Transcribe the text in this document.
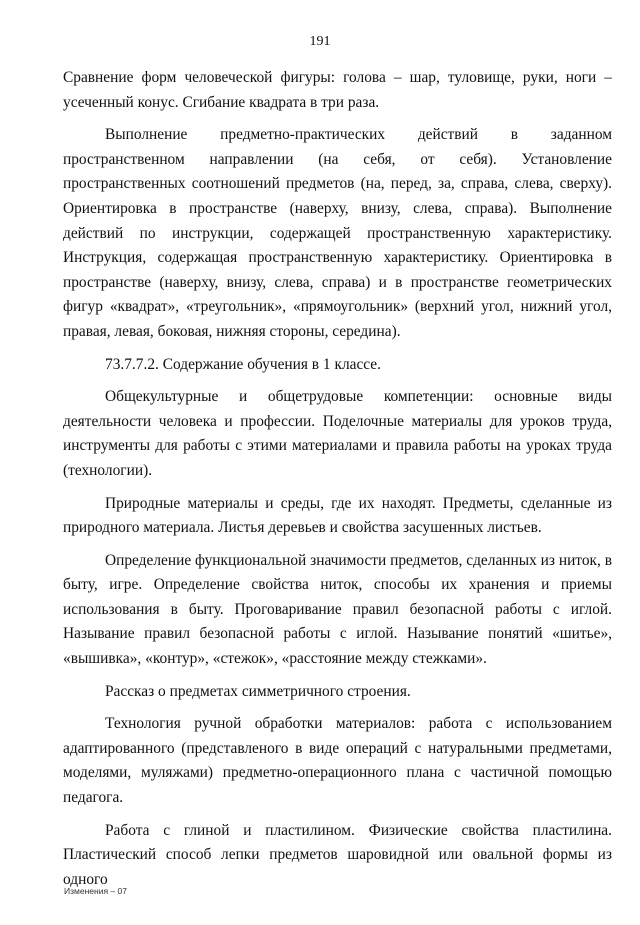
191

Сравнение форм человеческой фигуры: голова – шар, туловище, руки, ноги – усеченный конус. Сгибание квадрата в три раза.

Выполнение предметно-практических действий в заданном пространственном направлении (на себя, от себя). Установление пространственных соотношений предметов (на, перед, за, справа, слева, сверху). Ориентировка в пространстве (наверху, внизу, слева, справа). Выполнение действий по инструкции, содержащей пространственную характеристику. Инструкция, содержащая пространственную характеристику. Ориентировка в пространстве (наверху, внизу, слева, справа) и в пространстве геометрических фигур «квадрат», «треугольник», «прямоугольник» (верхний угол, нижний угол, правая, левая, боковая, нижняя стороны, середина).

73.7.7.2. Содержание обучения в 1 классе.

Общекультурные и общетрудовые компетенции: основные виды деятельности человека и профессии. Поделочные материалы для уроков труда, инструменты для работы с этими материалами и правила работы на уроках труда (технологии).

Природные материалы и среды, где их находят. Предметы, сделанные из природного материала. Листья деревьев и свойства засушенных листьев.

Определение функциональной значимости предметов, сделанных из ниток, в быту, игре. Определение свойства ниток, способы их хранения и приемы использования в быту. Проговаривание правил безопасной работы с иглой. Называние правил безопасной работы с иглой. Называние понятий «шитье», «вышивка», «контур», «стежок», «расстояние между стежками».

Рассказ о предметах симметричного строения.

Технология ручной обработки материалов: работа с использованием адаптированного (представленого в виде операций с натуральными предметами, моделями, муляжами) предметно-операционного плана с частичной помощью педагога.

Работа с глиной и пластилином. Физические свойства пластилина. Пластический способ лепки предметов шаровидной или овальной формы из одного

Изменения – 07
